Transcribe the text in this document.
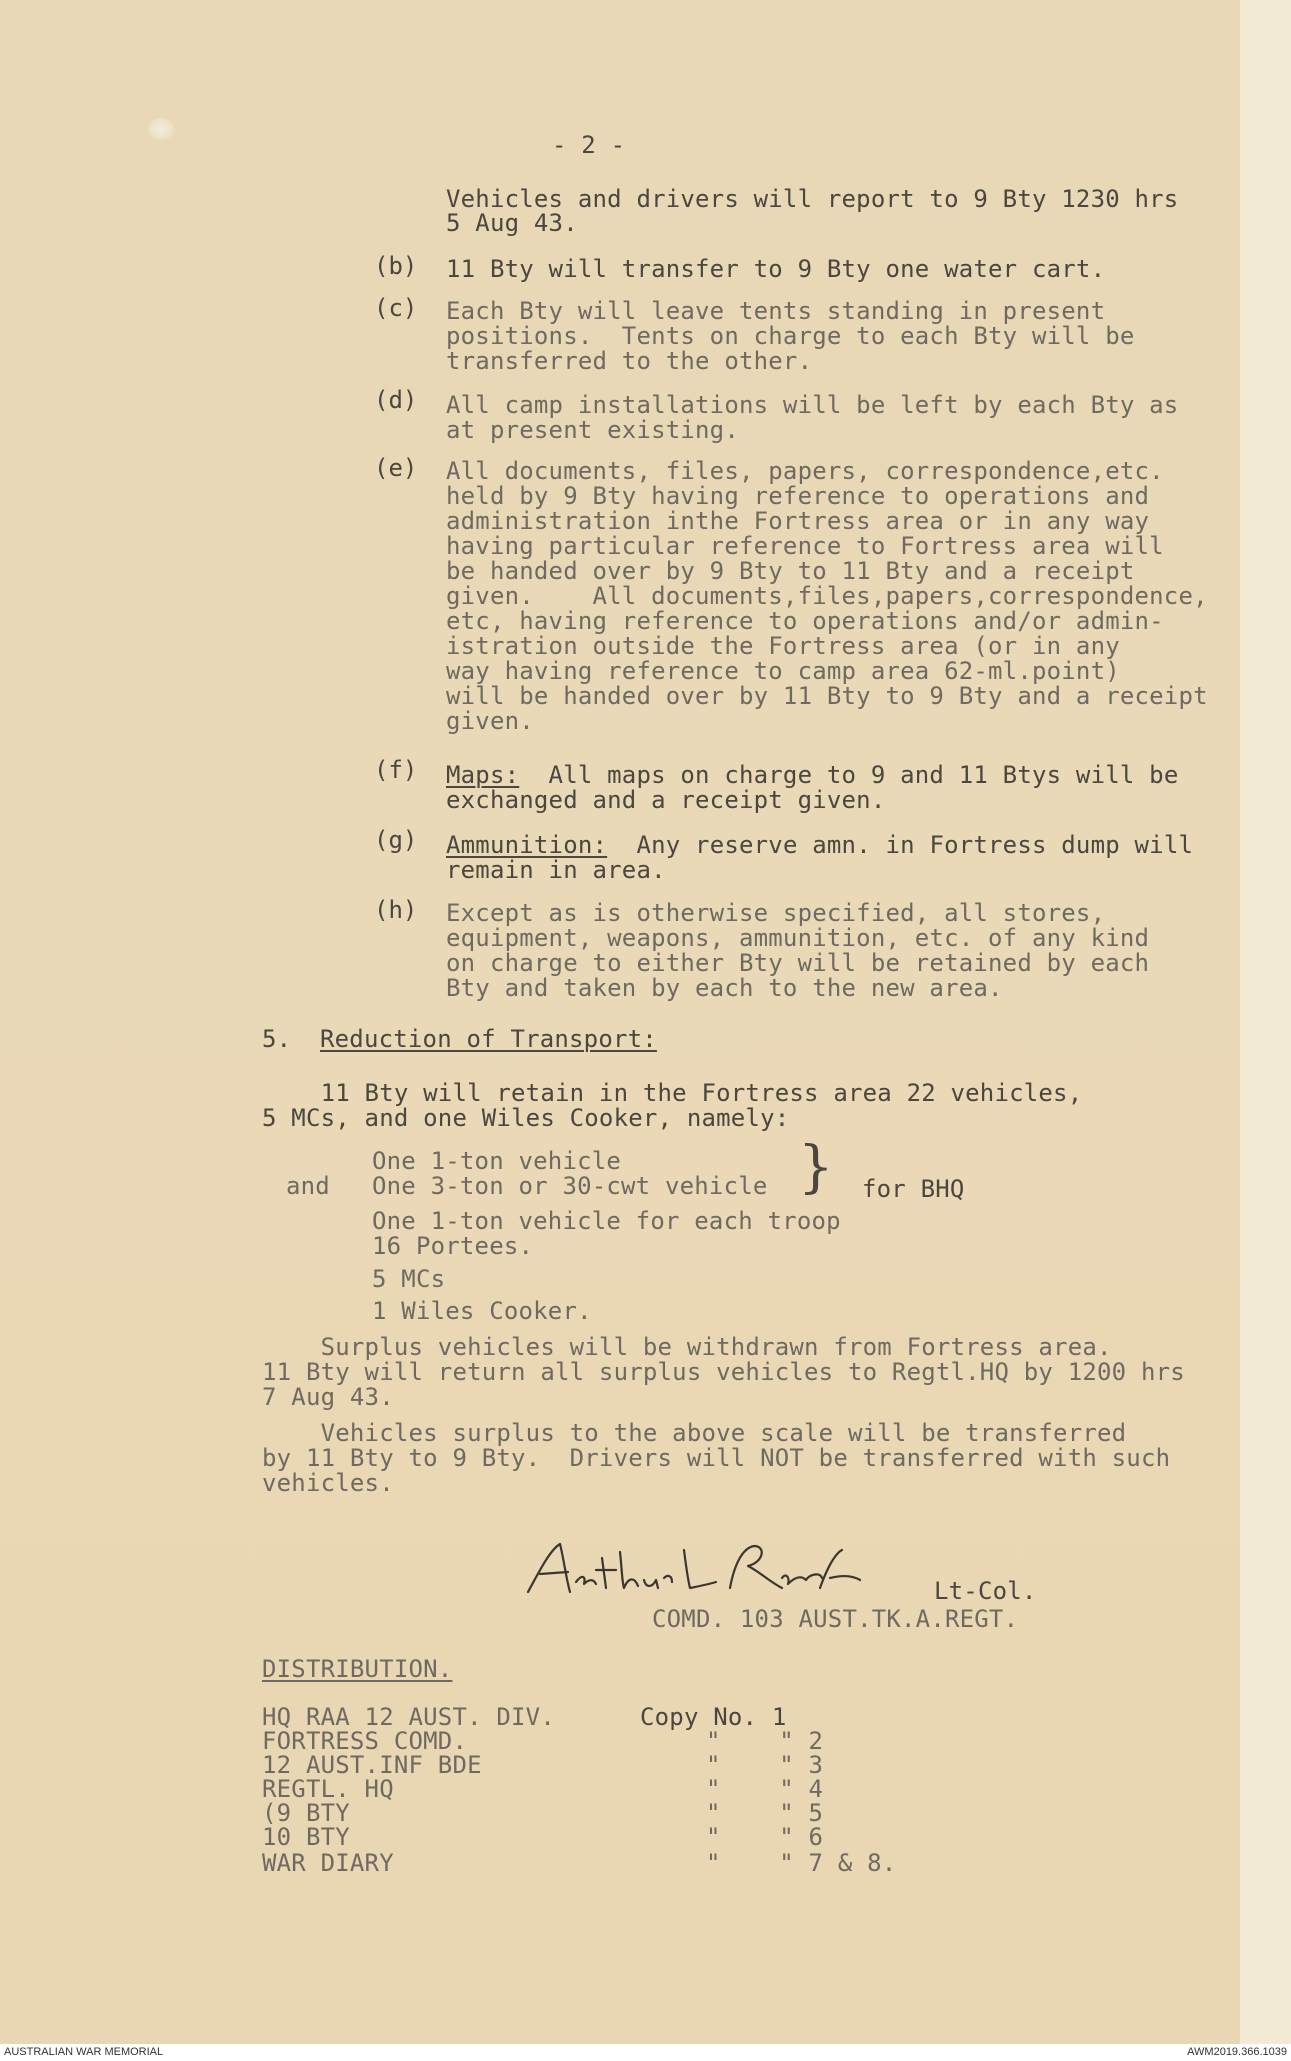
- 2 -
Vehicles and drivers will report to 9 Bty 1230 hrs
5 Aug 43.
(b) 11 Bty will transfer to 9 Bty one water cart.
(c) Each Bty will leave tents standing in present
positions.  Tents on charge to each Bty will be
transferred to the other.
(d) All camp installations will be left by each Bty as
at present existing.
(e) All documents, files, papers, correspondence,etc.
held by 9 Bty having reference to operations and
administration inthe Fortress area or in any way
having particular reference to Fortress area will
be handed over by 9 Bty to 11 Bty and a receipt
given.    All documents,files,papers,correspondence,
etc, having reference to operations and/or admin-
istration outside the Fortress area (or in any
way having reference to camp area 62-ml.point)
will be handed over by 11 Bty to 9 Bty and a receipt
given.
(f) Maps:  All maps on charge to 9 and 11 Btys will be
exchanged and a receipt given.
(g) Ammunition:  Any reserve amn. in Fortress dump will
remain in area.
(h) Except as is otherwise specified, all stores,
equipment, weapons, ammunition, etc. of any kind
on charge to either Bty will be retained by each
Bty and taken by each to the new area.
5. Reduction of Transport:
11 Bty will retain in the Fortress area 22 vehicles,
5 MCs, and one Wiles Cooker, namely:
One 1-ton vehicle
and One 3-ton or 30-cwt vehicle } for BHQ
One 1-ton vehicle for each troop
16 Portees.
5 MCs
1 Wiles Cooker.
Surplus vehicles will be withdrawn from Fortress area.
11 Bty will return all surplus vehicles to Regtl.HQ by 1200 hrs
7 Aug 43.
Vehicles surplus to the above scale will be transferred
by 11 Bty to 9 Bty.  Drivers will NOT be transferred with such
vehicles.
Lt-Col.
COMD. 103 AUST.TK.A.REGT.
DISTRIBUTION.
HQ RAA 12 AUST. DIV.	Copy No. 1
FORTRESS COMD.	"    " 2
12 AUST.INF BDE	"    " 3
REGTL. HQ	"    " 4
(9 BTY	"    " 5
10 BTY	"    " 6
WAR DIARY	"    " 7 & 8.
AUSTRALIAN WAR MEMORIAL	AWM2019.366.1039
